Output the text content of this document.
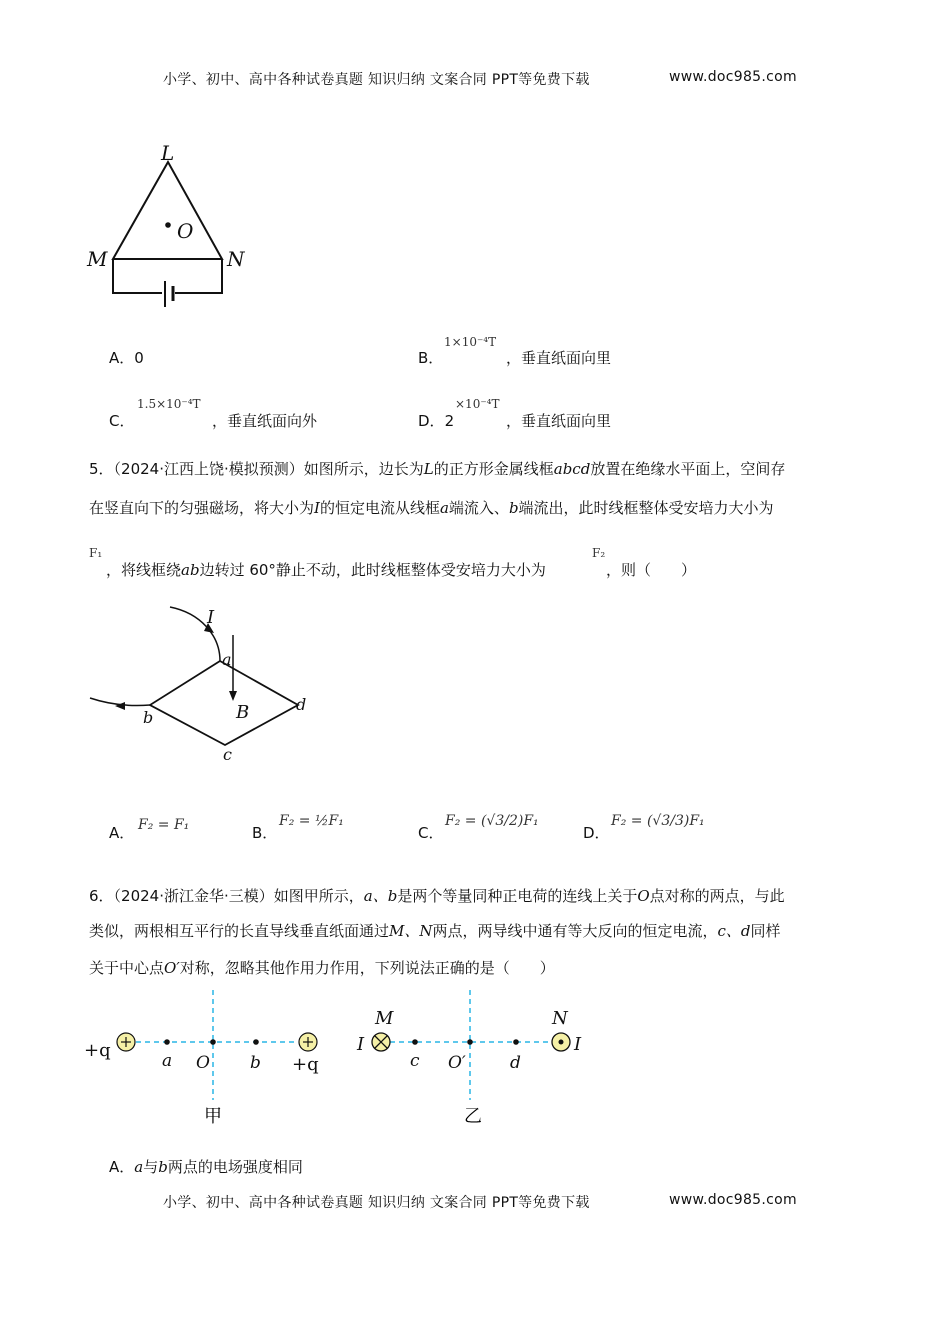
小学、初中、高中各种试卷真题 知识归纳 文案合同 PPT等免费下载	www.doc985.com
L
M	N
O
A．0	B．
1×10⁻⁴T
，垂直纸面向里
C．
1.5×10⁻⁴T
，垂直纸面向外	D．2
×10⁻⁴T
，垂直纸面向里
5．（2024·江西上饶·模拟预测）如图所示，边长为L的正方形金属线框abcd放置在绝缘水平面上，空间存
在竖直向下的匀强磁场，将大小为I的恒定电流从线框a端流入、b端流出，此时线框整体受安培力大小为
F₁
，将线框绕ab边转过 60°静止不动，此时线框整体受安培力大小为
F₂
，则（　　）
I
a
b
c
d
B
A． F₂ = F₁	B．
F₂ = ½F₁
C．
F₂ = (√3/2)F₁
D．
F₂ = (√3/3)F₁
6．（2024·浙江金华·三模）如图甲所示，a、b是两个等量同种正电荷的连线上关于O点对称的两点，与此
类似，两根相互平行的长直导线垂直纸面通过M、N两点，两导线中通有等大反向的恒定电流，c、d同样
关于中心点O′对称，忽略其他作用力作用，下列说法正确的是（　　）
+q
+q
a O b
甲
M	N
I	I
c O′	d
乙
A．a与b两点的电场强度相同
小学、初中、高中各种试卷真题 知识归纳 文案合同 PPT等免费下载	www.doc985.com
